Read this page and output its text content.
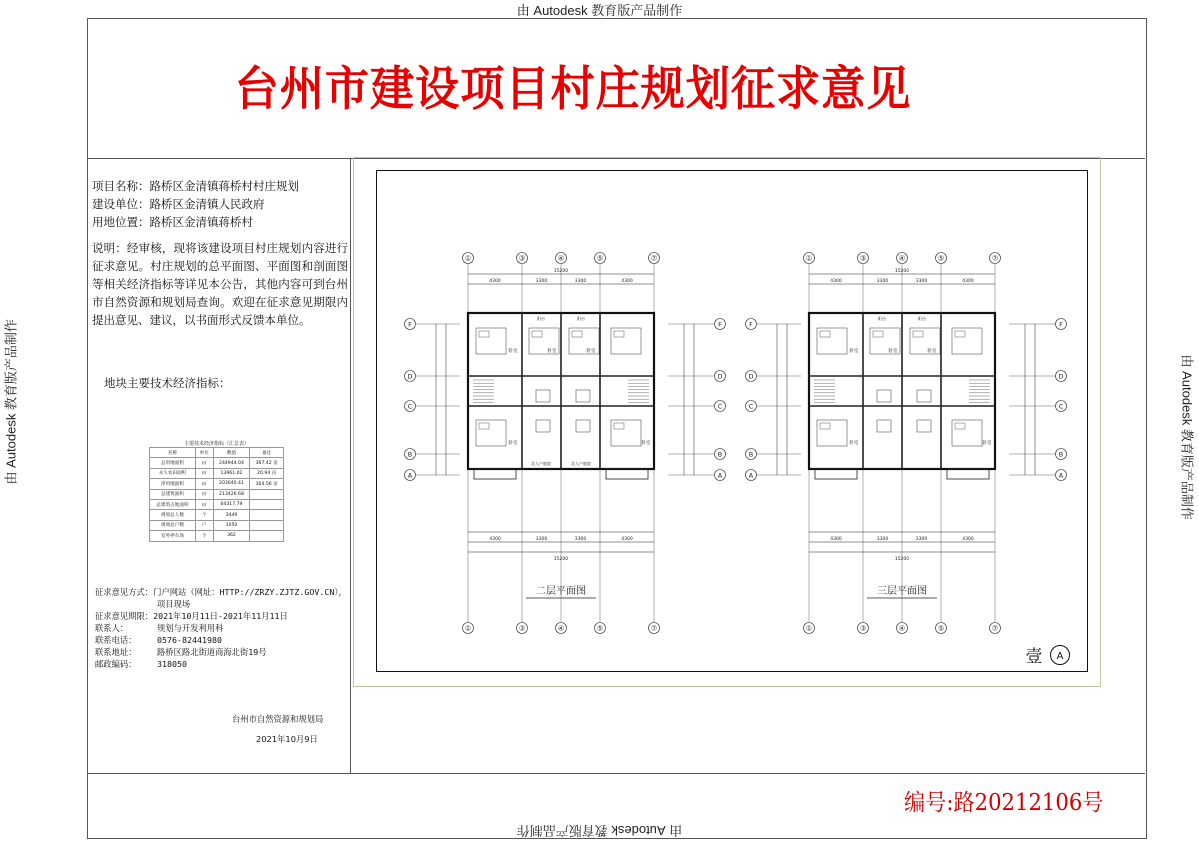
由 Autodesk 教育版产品制作
由 Autodesk 教育版产品制作
由 Autodesk 教育版产品制作	由 Autodesk 教育版产品制作
台州市建设项目村庄规划征求意见
项目名称：路桥区金清镇蒋桥村村庄规划
建设单位：路桥区金清镇人民政府
用地位置：路桥区金清镇蒋桥村
说明：经审核，现将该建设项目村庄规划内容进行征求意见。村庄规划的总平面图、平面图和剖面图等相关经济指标等详见本公告，其他内容可到台州市自然资源和规划局查询。欢迎在征求意见期限内提出意见、建议，以书面形式反馈本单位。
地块主要技术经济指标：
主要技术经济指标（汇总表）
名称	单位	数值	备注
总用地面积	㎡	244944.04	367.42 亩
永久农田面积	㎡	13961.02	20.94 亩
净用地面积	㎡	203040.41	304.56 亩
总建筑面积	㎡	213426.68	
总建筑占地面积	㎡	64317.79	
规划总人数	个	3449	
规划总户数	户	1050	
室外停车场	个	362	
征求意见方式：门户网站（网址：HTTP://ZRZY.ZJTZ.GOV.CN），
项目现场
征求意见期限：2021年10月11日-2021年11月11日
联系人：	规划与开发利用科
联系电话： 0576-82441980
联系地址： 路桥区路北街道商海北街19号
邮政编码： 318050
台州市自然资源和规划局
2021年10月9日
编号:路20212106号
①
①
③
③
④
④
⑤
⑤
⑦
⑦
F	F
D	D
C	C
B	B
A	A
4300	3300	3300	4300
15200
4300	3300	3300	4300
15200
卧室	卧室	卧室
卧室	卧室
阳台	阳台
北入户庭院	北入户庭院
二层平面图
①
①
③
③
④
④
⑤
⑤
⑦
⑦
F	F
D	D
C	C
B	B
A	A
4300	3300	3300	4300
15200
4300	3300	3300	4300
15200
卧室	卧室	卧室
卧室	卧室
阳台	阳台
三层平面图
壹 A
